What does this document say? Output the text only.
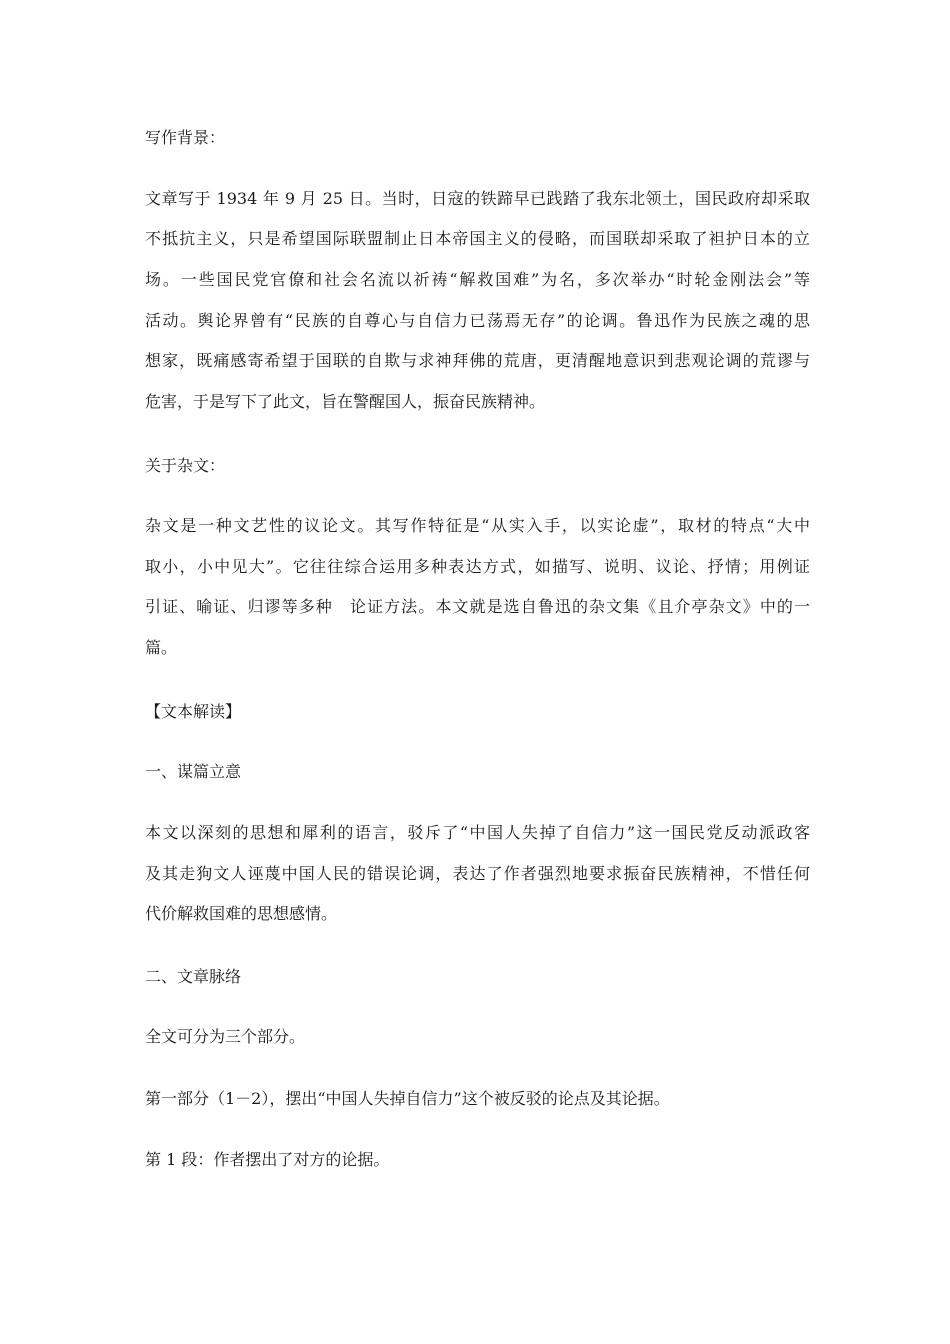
写作背景：
文章写于 1934 年 9 月 25 日。当时，日寇的铁蹄早已践踏了我东北领土，国民政府却采取
不抵抗主义，只是希望国际联盟制止日本帝国主义的侵略，而国联却采取了袒护日本的立
场。一些国民党官僚和社会名流以祈祷“解救国难”为名，多次举办“时轮金刚法会”等
活动。舆论界曾有“民族的自尊心与自信力已荡焉无存”的论调。鲁迅作为民族之魂的思
想家，既痛感寄希望于国联的自欺与求神拜佛的荒唐，更清醒地意识到悲观论调的荒谬与
危害，于是写下了此文，旨在警醒国人，振奋民族精神。
关于杂文：
杂文是一种文艺性的议论文。其写作特征是“从实入手，以实论虚”，取材的特点“大中
取小，小中见大”。它往往综合运用多种表达方式，如描写、说明、议论、抒情；用例证
引证、喻证、归谬等多种　论证方法。本文就是选自鲁迅的杂文集《且介亭杂文》中的一
篇。
【文本解读】
一、谋篇立意
本文以深刻的思想和犀利的语言，驳斥了“中国人失掉了自信力”这一国民党反动派政客
及其走狗文人诬蔑中国人民的错误论调，表达了作者强烈地要求振奋民族精神，不惜任何
代价解救国难的思想感情。
二、文章脉络
全文可分为三个部分。
第一部分（1－2），摆出“中国人失掉自信力”这个被反驳的论点及其论据。
第 1 段：作者摆出了对方的论据。
